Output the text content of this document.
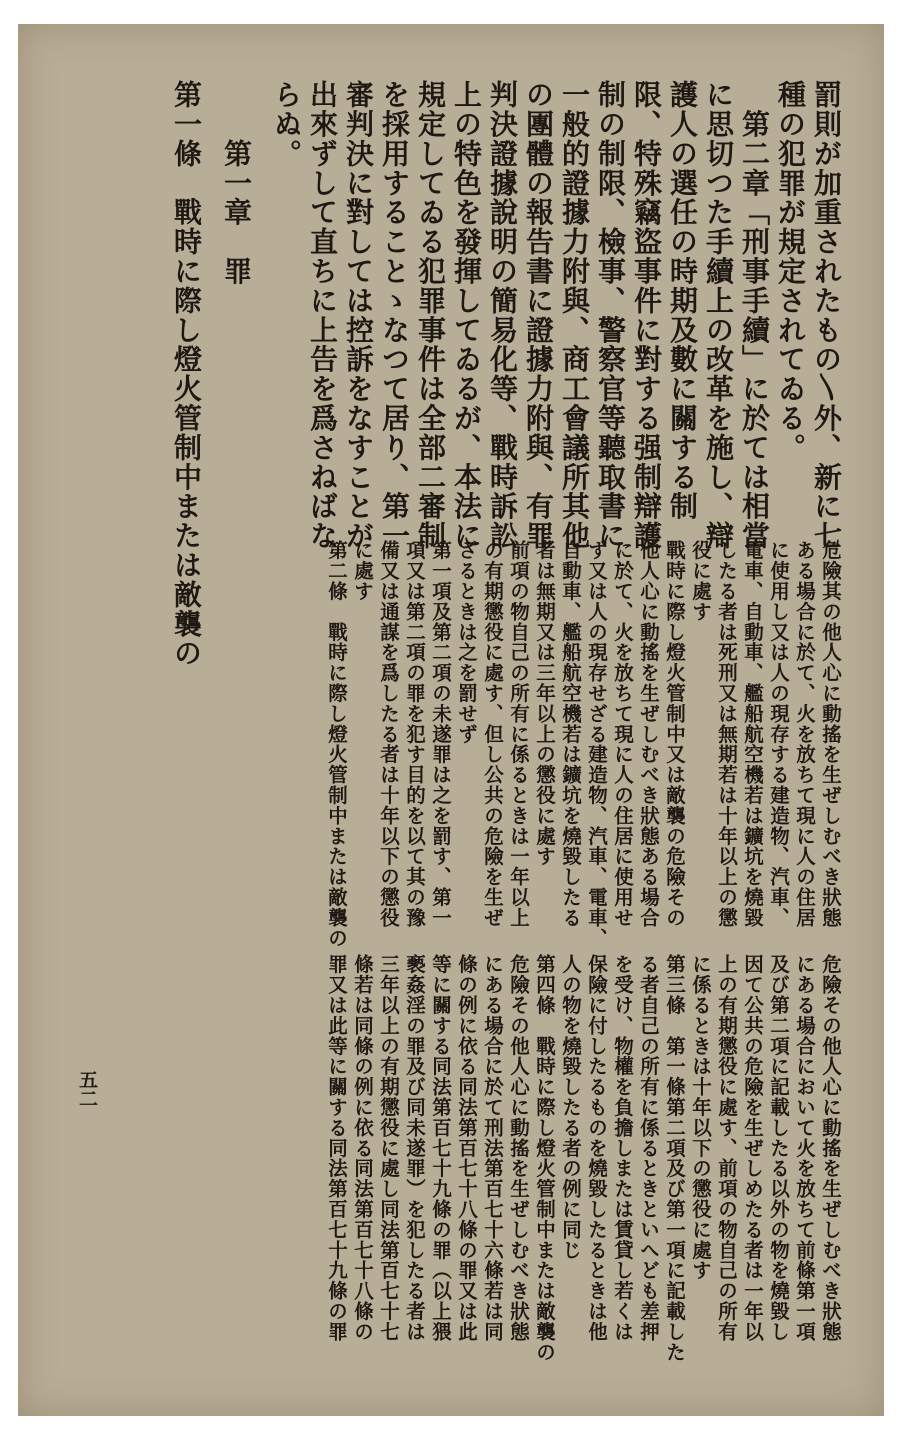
罰則が加重されたもの〵外、新に七

種の犯罪が規定されてゐる。

　第二章「刑事手續」に於ては相當

に思切つた手續上の改革を施し、辯

護人の選任の時期及數に關する制

限、特殊竊盜事件に對する强制辯護

制の制限、檢事、警察官等聽取書に

一般的證據力附與、商工會議所其他

の團體の報告書に證據力附與、有罪

判決證據說明の簡易化等、戰時訴訟

上の特色を發揮してゐるが、本法に

規定してゐる犯罪事件は全部二審制

を採用することゝなつて居り、第一

審判決に對しては控訴をなすことが

出來ずして直ちに上告を爲さねばな

らぬ。

　　第一章　罪

第一條　戰時に際し燈火管制中または敵襲の

危險其の他人心に動搖を生ぜしむべき狀態

ある場合に於て、火を放ちて現に人の住居

に使用し又は人の現存する建造物、汽車、

電車、自動車、艦船航空機若は鑛坑を燒毀

したる者は死刑又は無期若は十年以上の懲

役に處す

戰時に際し燈火管制中又は敵襲の危險その

他人心に動搖を生ぜしむべき狀態ある場合

に於て、火を放ちて現に人の住居に使用せ

ず又は人の現存せざる建造物、汽車、電車、

自動車、艦船航空機若は鑛坑を燒毀したる

者は無期又は三年以上の懲役に處す

前項の物自己の所有に係るときは一年以上

の有期懲役に處す、但し公共の危險を生ぜ

ざるときは之を罰せず

第一項及第二項の未遂罪は之を罰す、第一

項又は第二項の罪を犯す目的を以て其の豫

備又は通謀を爲したる者は十年以下の懲役

に處す

第二條　戰時に際し燈火管制中または敵襲の

危險その他人心に動搖を生ぜしむべき狀態

にある場合において火を放ちて前條第一項

及び第二項に記載したる以外の物を燒毀し

因て公共の危險を生ぜしめたる者は一年以

上の有期懲役に處す、前項の物自己の所有

に係るときは十年以下の懲役に處す

第三條　第一條第二項及び第一項に記載した

る者自己の所有に係るときといへども差押

を受け、物權を負擔しまたは賃貸し若くは

保險に付したるものを燒毀したるときは他

人の物を燒毀したる者の例に同じ

第四條　戰時に際し燈火管制中または敵襲の

危險その他人心に動搖を生ぜしむべき狀態

にある場合に於て刑法第百七十六條若は同

條の例に依る同法第百七十八條の罪又は此

等に關する同法第百七十九條の罪（以上猥

褻姦淫の罪及び同未遂罪）を犯したる者は

三年以上の有期懲役に處し同法第百七十七

條若は同條の例に依る同法第百七十八條の

罪又は此等に關する同法第百七十九條の罪

五二
